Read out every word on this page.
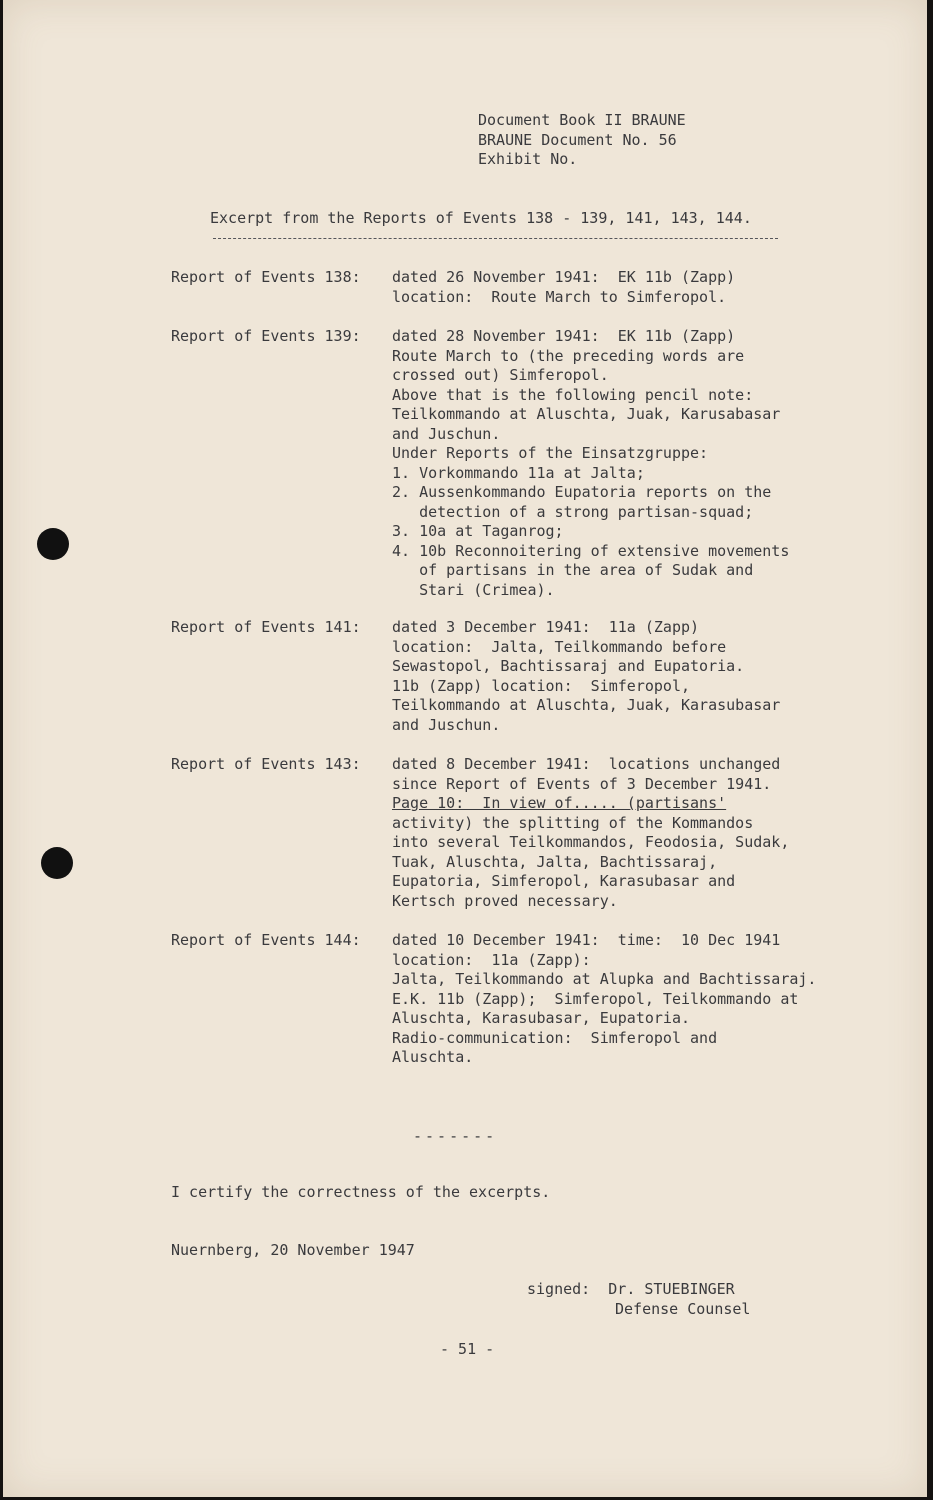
Document Book II BRAUNE
BRAUNE Document No. 56
Exhibit No.
Excerpt from the Reports of Events 138 - 139, 141, 143, 144.
Report of Events 138: dated 26 November 1941:  EK 11b (Zapp)
location:  Route March to Simferopol.
Report of Events 139: dated 28 November 1941:  EK 11b (Zapp)
Route March to (the preceding words are
crossed out) Simferopol.
Above that is the following pencil note:
Teilkommando at Aluschta, Juak, Karusabasar
and Juschun.
Under Reports of the Einsatzgruppe:
1. Vorkommando 11a at Jalta;
2. Aussenkommando Eupatoria reports on the
detection of a strong partisan-squad;
3. 10a at Taganrog;
4. 10b Reconnoitering of extensive movements
of partisans in the area of Sudak and
Stari (Crimea).
Report of Events 141: dated 3 December 1941:  11a (Zapp)
location:  Jalta, Teilkommando before
Sewastopol, Bachtissaraj and Eupatoria.
11b (Zapp) location:  Simferopol,
Teilkommando at Aluschta, Juak, Karasubasar
and Juschun.
Report of Events 143: dated 8 December 1941:  locations unchanged
since Report of Events of 3 December 1941.
Page 10:  In view of..... (partisans'
activity) the splitting of the Kommandos
into several Teilkommandos, Feodosia, Sudak,
Tuak, Aluschta, Jalta, Bachtissaraj,
Eupatoria, Simferopol, Karasubasar and
Kertsch proved necessary.
Report of Events 144: dated 10 December 1941:  time:  10 Dec 1941
location:  11a (Zapp):
Jalta, Teilkommando at Alupka and Bachtissaraj.
E.K. 11b (Zapp);  Simferopol, Teilkommando at
Aluschta, Karasubasar, Eupatoria.
Radio-communication:  Simferopol and
Aluschta.
-------
I certify the correctness of the excerpts.
Nuernberg, 20 November 1947
signed: Dr. STUEBINGER
Defense Counsel
- 51 -
